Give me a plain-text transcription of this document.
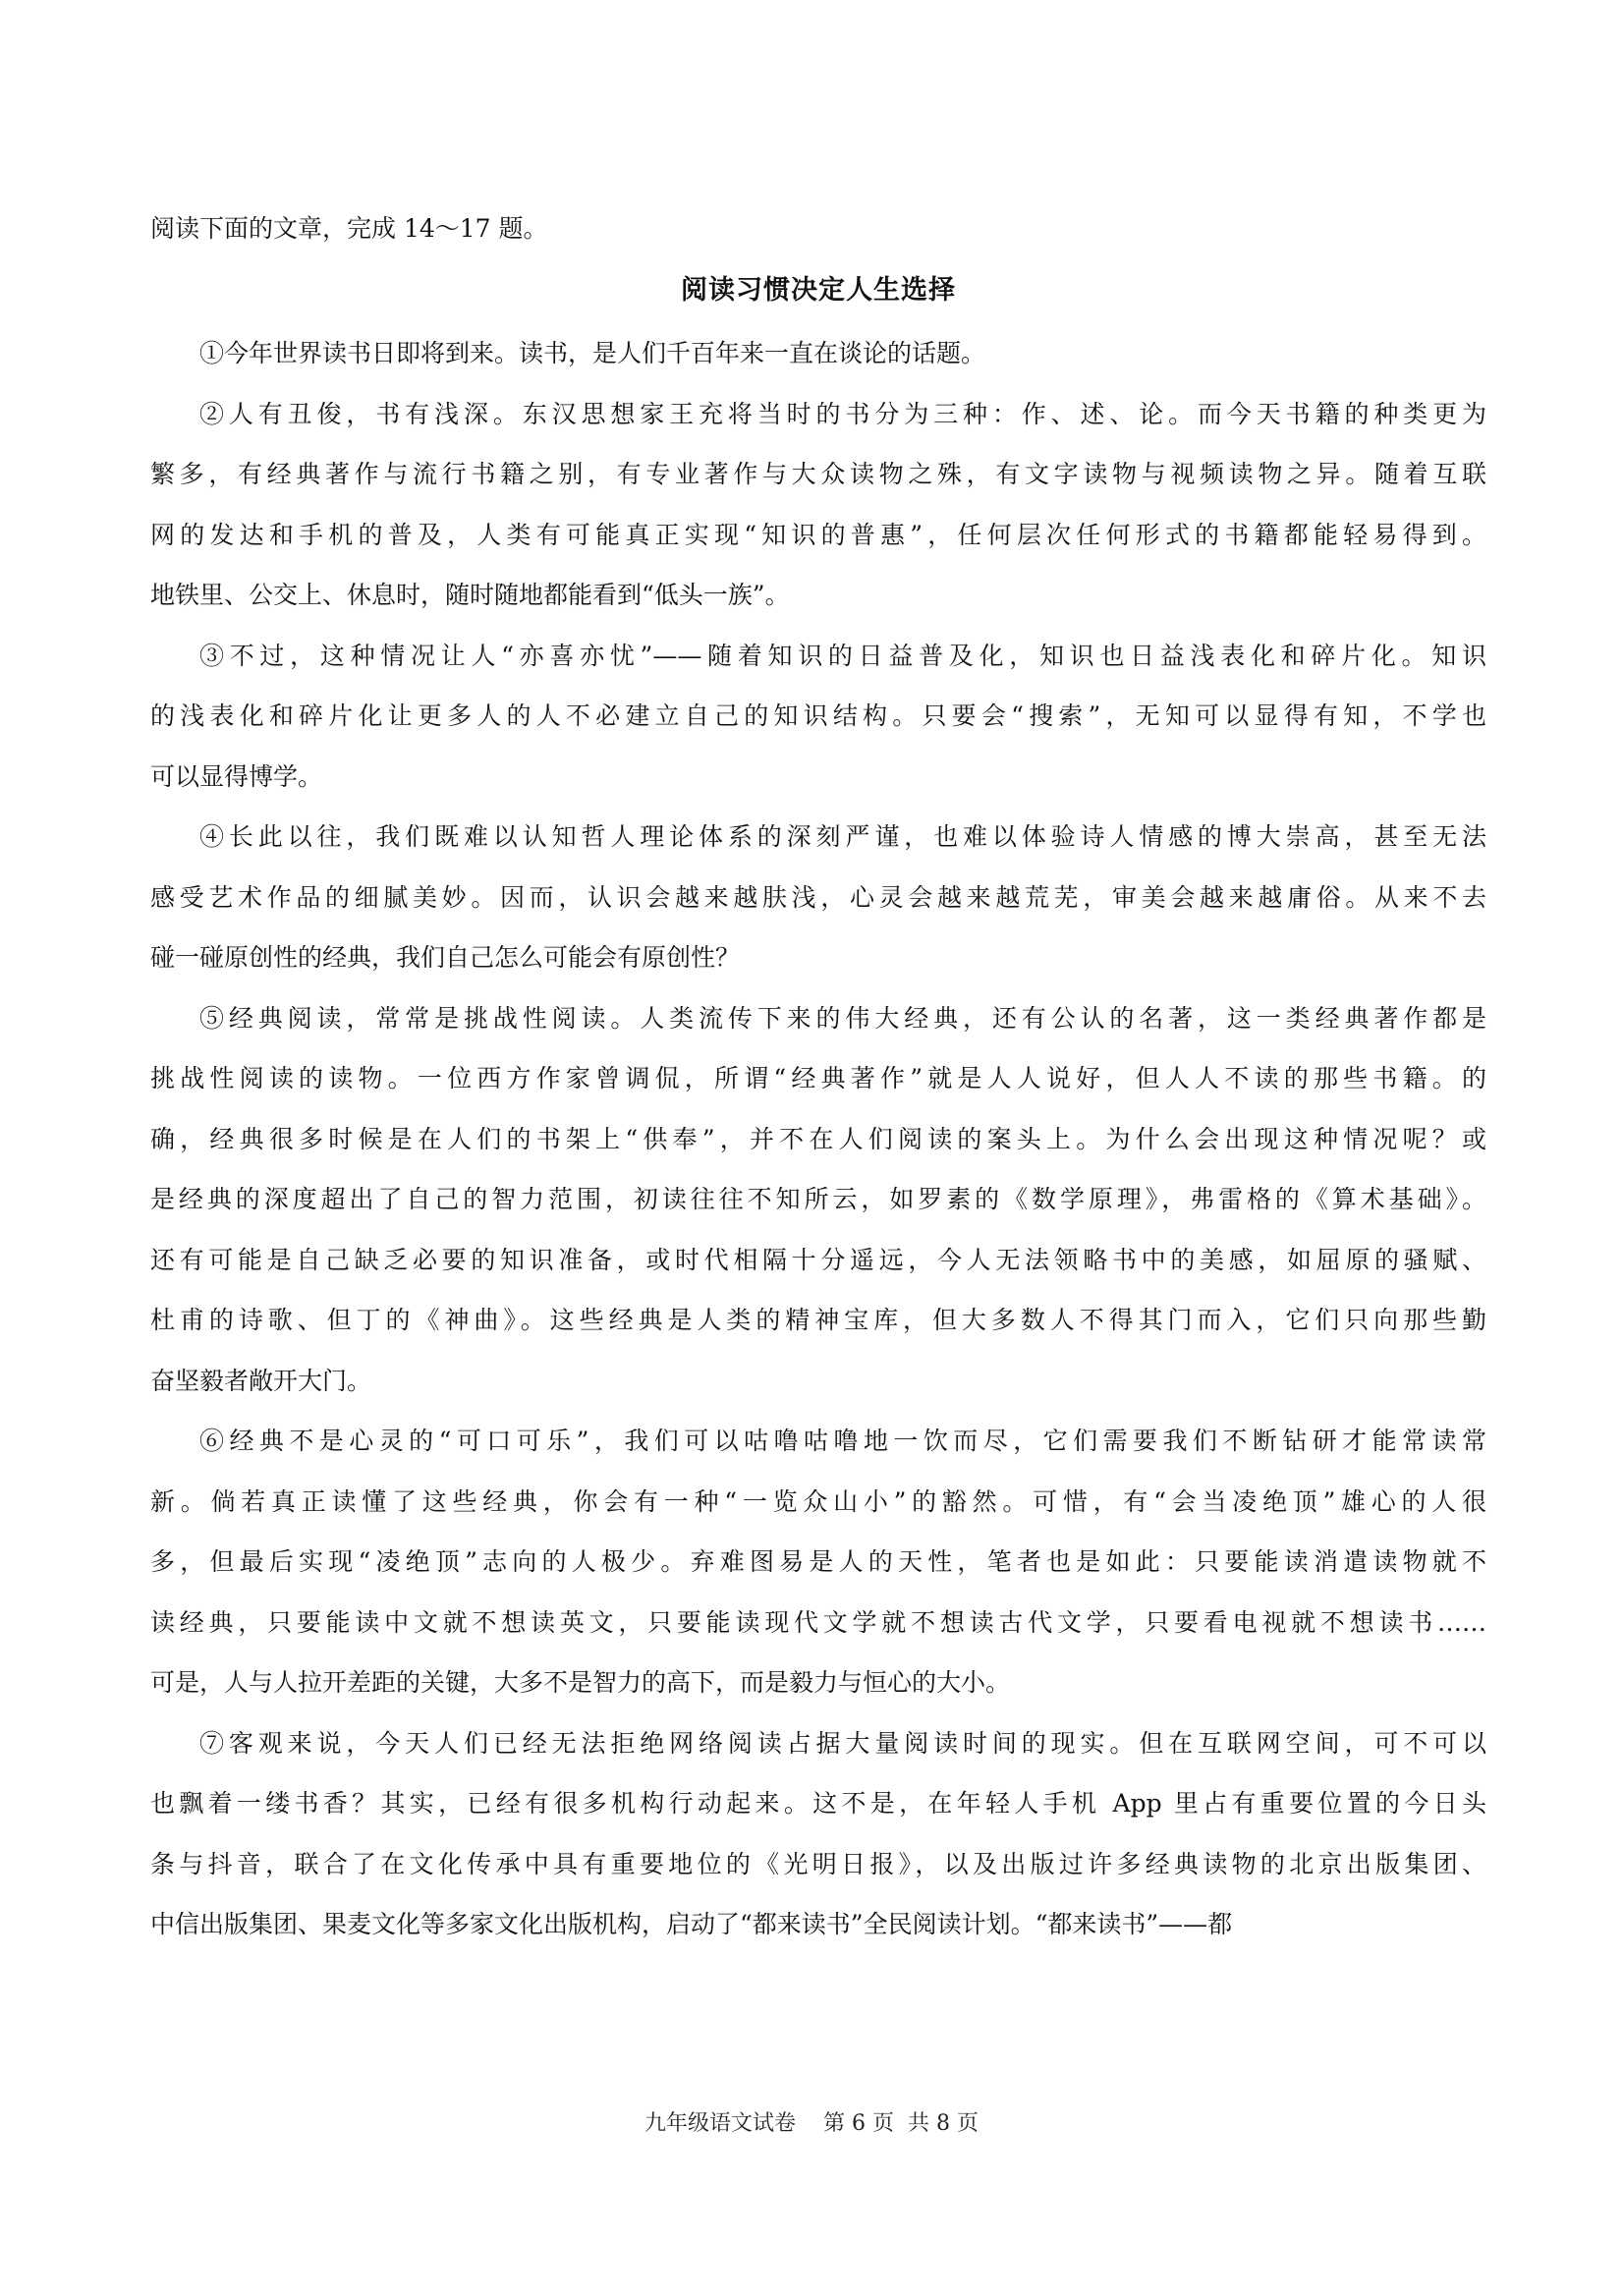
阅读下面的文章，完成 14～17 题。

阅读习惯决定人生选择
①今年世界读书日即将到来。读书，是人们千百年来一直在谈论的话题。
②人有丑俊，书有浅深。东汉思想家王充将当时的书分为三种：作、述、论。而今天书籍的种类更为
繁多，有经典著作与流行书籍之别，有专业著作与大众读物之殊，有文字读物与视频读物之异。随着互联
网的发达和手机的普及，人类有可能真正实现“知识的普惠”，任何层次任何形式的书籍都能轻易得到。
地铁里、公交上、休息时，随时随地都能看到“低头一族”。
③不过，这种情况让人“亦喜亦忧”——随着知识的日益普及化，知识也日益浅表化和碎片化。知识
的浅表化和碎片化让更多人的人不必建立自己的知识结构。只要会“搜索”，无知可以显得有知，不学也
可以显得博学。
④长此以往，我们既难以认知哲人理论体系的深刻严谨，也难以体验诗人情感的博大崇高，甚至无法
感受艺术作品的细腻美妙。因而，认识会越来越肤浅，心灵会越来越荒芜，审美会越来越庸俗。从来不去
碰一碰原创性的经典，我们自己怎么可能会有原创性？
⑤经典阅读，常常是挑战性阅读。人类流传下来的伟大经典，还有公认的名著，这一类经典著作都是
挑战性阅读的读物。一位西方作家曾调侃，所谓“经典著作”就是人人说好，但人人不读的那些书籍。的
确，经典很多时候是在人们的书架上“供奉”，并不在人们阅读的案头上。为什么会出现这种情况呢？或
是经典的深度超出了自己的智力范围，初读往往不知所云，如罗素的《数学原理》，弗雷格的《算术基础》。
还有可能是自己缺乏必要的知识准备，或时代相隔十分遥远，今人无法领略书中的美感，如屈原的骚赋、
杜甫的诗歌、但丁的《神曲》。这些经典是人类的精神宝库，但大多数人不得其门而入，它们只向那些勤
奋坚毅者敞开大门。
⑥经典不是心灵的“可口可乐”，我们可以咕噜咕噜地一饮而尽，它们需要我们不断钻研才能常读常
新。倘若真正读懂了这些经典，你会有一种“一览众山小”的豁然。可惜，有“会当凌绝顶”雄心的人很
多，但最后实现“凌绝顶”志向的人极少。弃难图易是人的天性，笔者也是如此：只要能读消遣读物就不
读经典，只要能读中文就不想读英文，只要能读现代文学就不想读古代文学，只要看电视就不想读书……
可是，人与人拉开差距的关键，大多不是智力的高下，而是毅力与恒心的大小。
⑦客观来说，今天人们已经无法拒绝网络阅读占据大量阅读时间的现实。但在互联网空间，可不可以
也飘着一缕书香？其实，已经有很多机构行动起来。这不是，在年轻人手机 App 里占有重要位置的今日头
条与抖音，联合了在文化传承中具有重要地位的《光明日报》，以及出版过许多经典读物的北京出版集团、
中信出版集团、果麦文化等多家文化出版机构，启动了“都来读书”全民阅读计划。“都来读书”——都
九年级语文试卷    第 6 页  共 8 页
